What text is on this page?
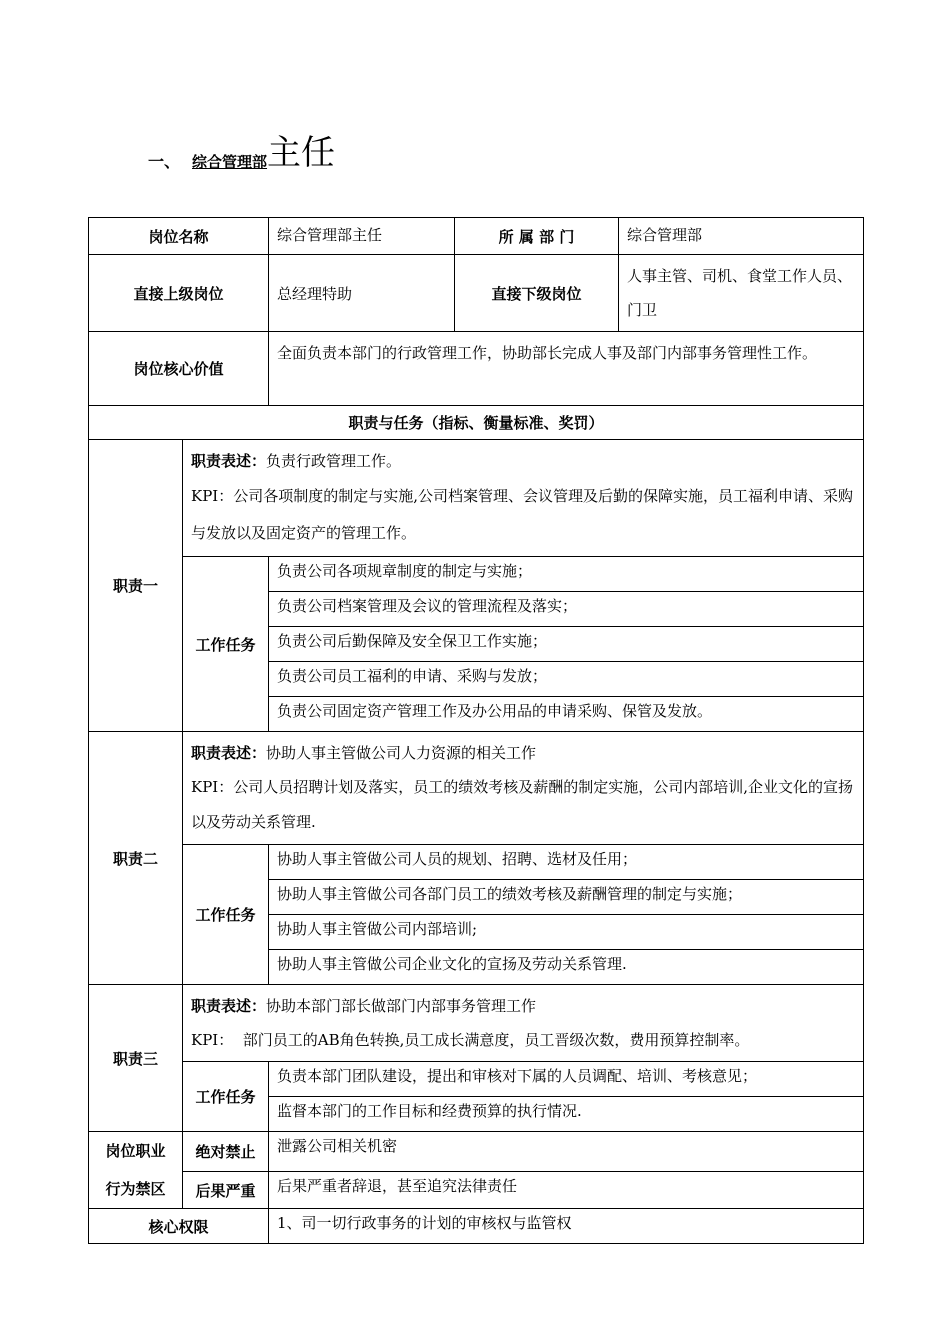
一、 综合管理部 主任
岗位名称		综合管理部主任	所 属 部 门	综合管理部
直接上级岗位		总经理特助	直接下级岗位	人事主管、司机、食堂工作人员、门卫
岗位核心价值		全面负责本部门的行政管理工作，协助部长完成人事及部门内部事务管理性工作。		
职责与任务（指标、衡量标准、奖罚）				
职责一	职责表述：负责行政管理工作。
KPI：公司各项制度的制定与实施,公司档案管理、会议管理及后勤的保障实施，员工福利申请、采购与发放以及固定资产的管理工作。			

	工作任务	负责公司各项规章制度的制定与实施；		
		负责公司档案管理及会议的管理流程及落实；		
		负责公司后勤保障及安全保卫工作实施；		
		负责公司员工福利的申请、采购与发放；		
		负责公司固定资产管理工作及办公用品的申请采购、保管及发放。		
职责二	职责表述：协助人事主管做公司人力资源的相关工作
KPI：公司人员招聘计划及落实，员工的绩效考核及薪酬的制定实施，公司内部培训,企业文化的宣扬以及劳动关系管理.			

	工作任务	协助人事主管做公司人员的规划、招聘、选材及任用；		
		协助人事主管做公司各部门员工的绩效考核及薪酬管理的制定与实施；		
		协助人事主管做公司内部培训;		
		协助人事主管做公司企业文化的宣扬及劳动关系管理.		
职责三	职责表述：协助本部门部长做部门内部事务管理工作
KPI： 部门员工的AB角色转换,员工成长满意度，员工晋级次数，费用预算控制率。			

	工作任务	负责本部门团队建设，提出和审核对下属的人员调配、培训、考核意见；		
		监督本部门的工作目标和经费预算的执行情况.		

岗位职业
行为禁区	绝对禁止	泄露公司相关机密		
	后果严重	后果严重者辞退，甚至追究法律责任		
核心权限		1、司一切行政事务的计划的审核权与监管权		
